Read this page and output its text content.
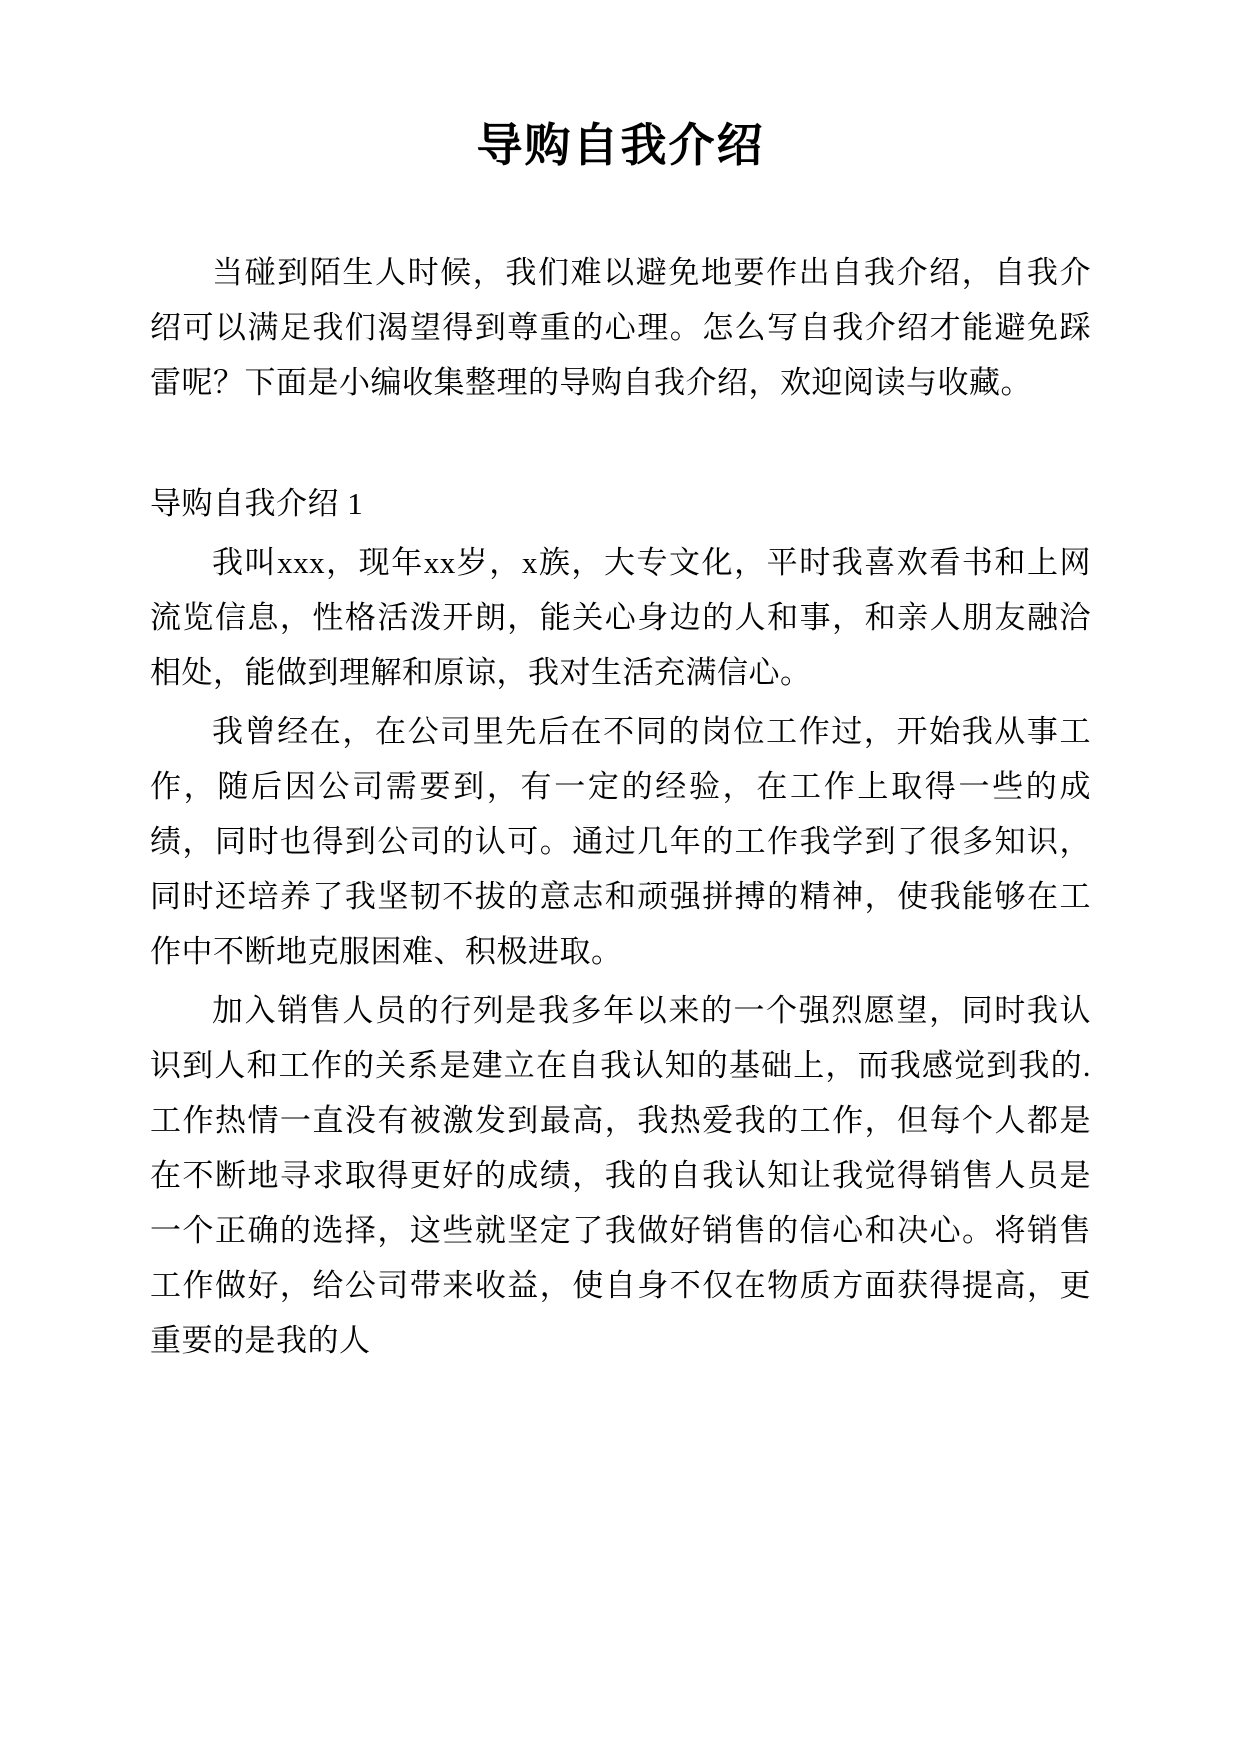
导购自我介绍

当碰到陌生人时候，我们难以避免地要作出自我介绍，自我介绍可以满足我们渴望得到尊重的心理。怎么写自我介绍才能避免踩雷呢？下面是小编收集整理的导购自我介绍，欢迎阅读与收藏。

导购自我介绍 1

我叫xxx，现年xx岁，x族，大专文化，平时我喜欢看书和上网流览信息，性格活泼开朗，能关心身边的人和事，和亲人朋友融洽相处，能做到理解和原谅，我对生活充满信心。

我曾经在，在公司里先后在不同的岗位工作过，开始我从事工作，随后因公司需要到，有一定的经验，在工作上取得一些的成绩，同时也得到公司的认可。通过几年的工作我学到了很多知识，同时还培养了我坚韧不拔的意志和顽强拼搏的精神，使我能够在工作中不断地克服困难、积极进取。

加入销售人员的行列是我多年以来的一个强烈愿望，同时我认识到人和工作的关系是建立在自我认知的基础上，而我感觉到我的.工作热情一直没有被激发到最高，我热爱我的工作，但每个人都是在不断地寻求取得更好的成绩，我的自我认知让我觉得销售人员是一个正确的选择，这些就坚定了我做好销售的信心和决心。将销售工作做好，给公司带来收益，使自身不仅在物质方面获得提高，更重要的是我的人
